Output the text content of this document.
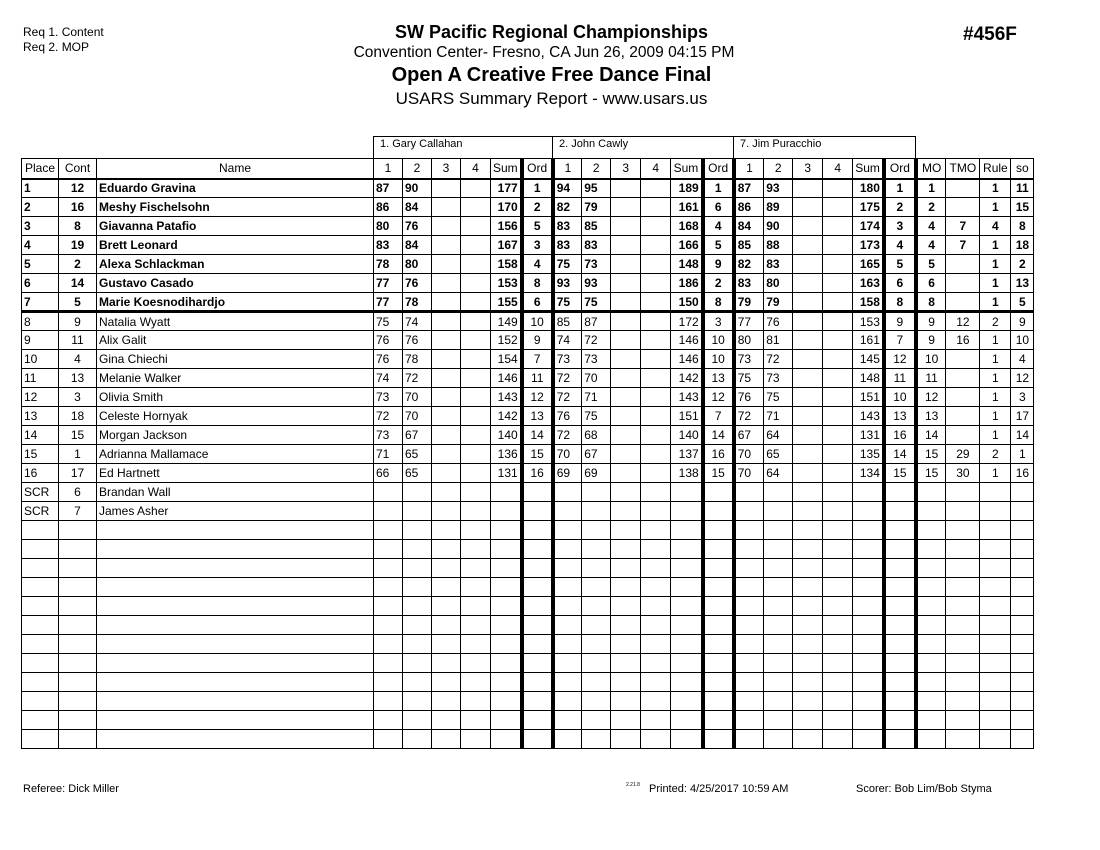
Req 1. Content
Req 2. MOP
SW Pacific Regional Championships
Convention Center- Fresno, CA Jun 26, 2009 04:15 PM
Open A Creative Free Dance Final
USARS Summary Report - www.usars.us
#456F
1. Gary Callahan	2. John Cawly	7. Jim Puracchio
Place	Cont	Name	1	2	3	4	Sum	Ord	1	2	3	4	Sum	Ord	1	2	3	4	Sum	Ord	MO	TMO	Rule	so
1	12	Eduardo Gravina	87	90			177	1	94	95			189	1	87	93			180	1	1		1	11
2	16	Meshy Fischelsohn	86	84			170	2	82	79			161	6	86	89			175	2	2		1	15
3	8	Giavanna Patafio	80	76			156	5	83	85			168	4	84	90			174	3	4	7	4	8
4	19	Brett Leonard	83	84			167	3	83	83			166	5	85	88			173	4	4	7	1	18
5	2	Alexa Schlackman	78	80			158	4	75	73			148	9	82	83			165	5	5		1	2
6	14	Gustavo Casado	77	76			153	8	93	93			186	2	83	80			163	6	6		1	13
7	5	Marie Koesnodihardjo	77	78			155	6	75	75			150	8	79	79			158	8	8		1	5
8	9	Natalia Wyatt	75	74			149	10	85	87			172	3	77	76			153	9	9	12	2	9
9	11	Alix Galit	76	76			152	9	74	72			146	10	80	81			161	7	9	16	1	10
10	4	Gina Chiechi	76	78			154	7	73	73			146	10	73	72			145	12	10		1	4
11	13	Melanie Walker	74	72			146	11	72	70			142	13	75	73			148	11	11		1	12
12	3	Olivia Smith	73	70			143	12	72	71			143	12	76	75			151	10	12		1	3
13	18	Celeste Hornyak	72	70			142	13	76	75			151	7	72	71			143	13	13		1	17
14	15	Morgan Jackson	73	67			140	14	72	68			140	14	67	64			131	16	14		1	14
15	1	Adrianna Mallamace	71	65			136	15	70	67			137	16	70	65			135	14	15	29	2	1
16	17	Ed Hartnett	66	65			131	16	69	69			138	15	70	64			134	15	15	30	1	16
SCR	6	Brandan Wall																						
SCR	7	James Asher																						

Referee: Dick Miller	2.21.8 Printed: 4/25/2017 10:59 AM	Scorer: Bob Lim/Bob Styma
